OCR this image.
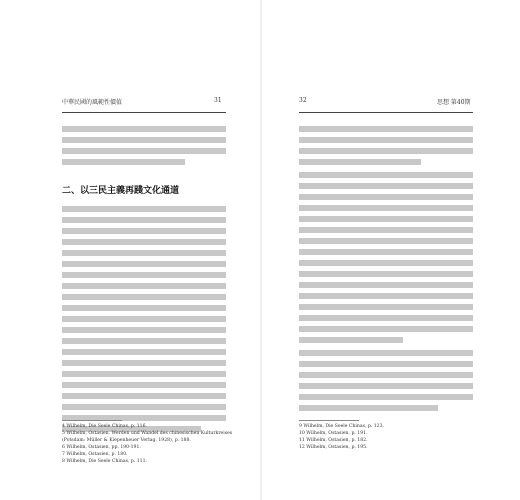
中華民國的風範性價值	31
二、以三民主義再踐文化通道
4 Wilhelm, Die Seele Chinas, p. 116.
5 Wilhelm, Ostasien. Werden und Wandel des chinesischen Kulturkreises
(Potsdam: Müller & Kiepenheuer Verlag, 1928), p. 188.
6 Wilhelm, Ostasien, pp. 190-191.
7 Wilhelm, Ostasien, p. 180.
8 Wilhelm, Die Seele Chinas, p. 111.
32	思想 第40期
9 Wilhelm, Die Seele Chinas, p. 123.
10 Wilhelm, Ostasien, p. 191.
11 Wilhelm, Ostasien, p. 182.
12 Wilhelm, Ostasien, p. 195.
